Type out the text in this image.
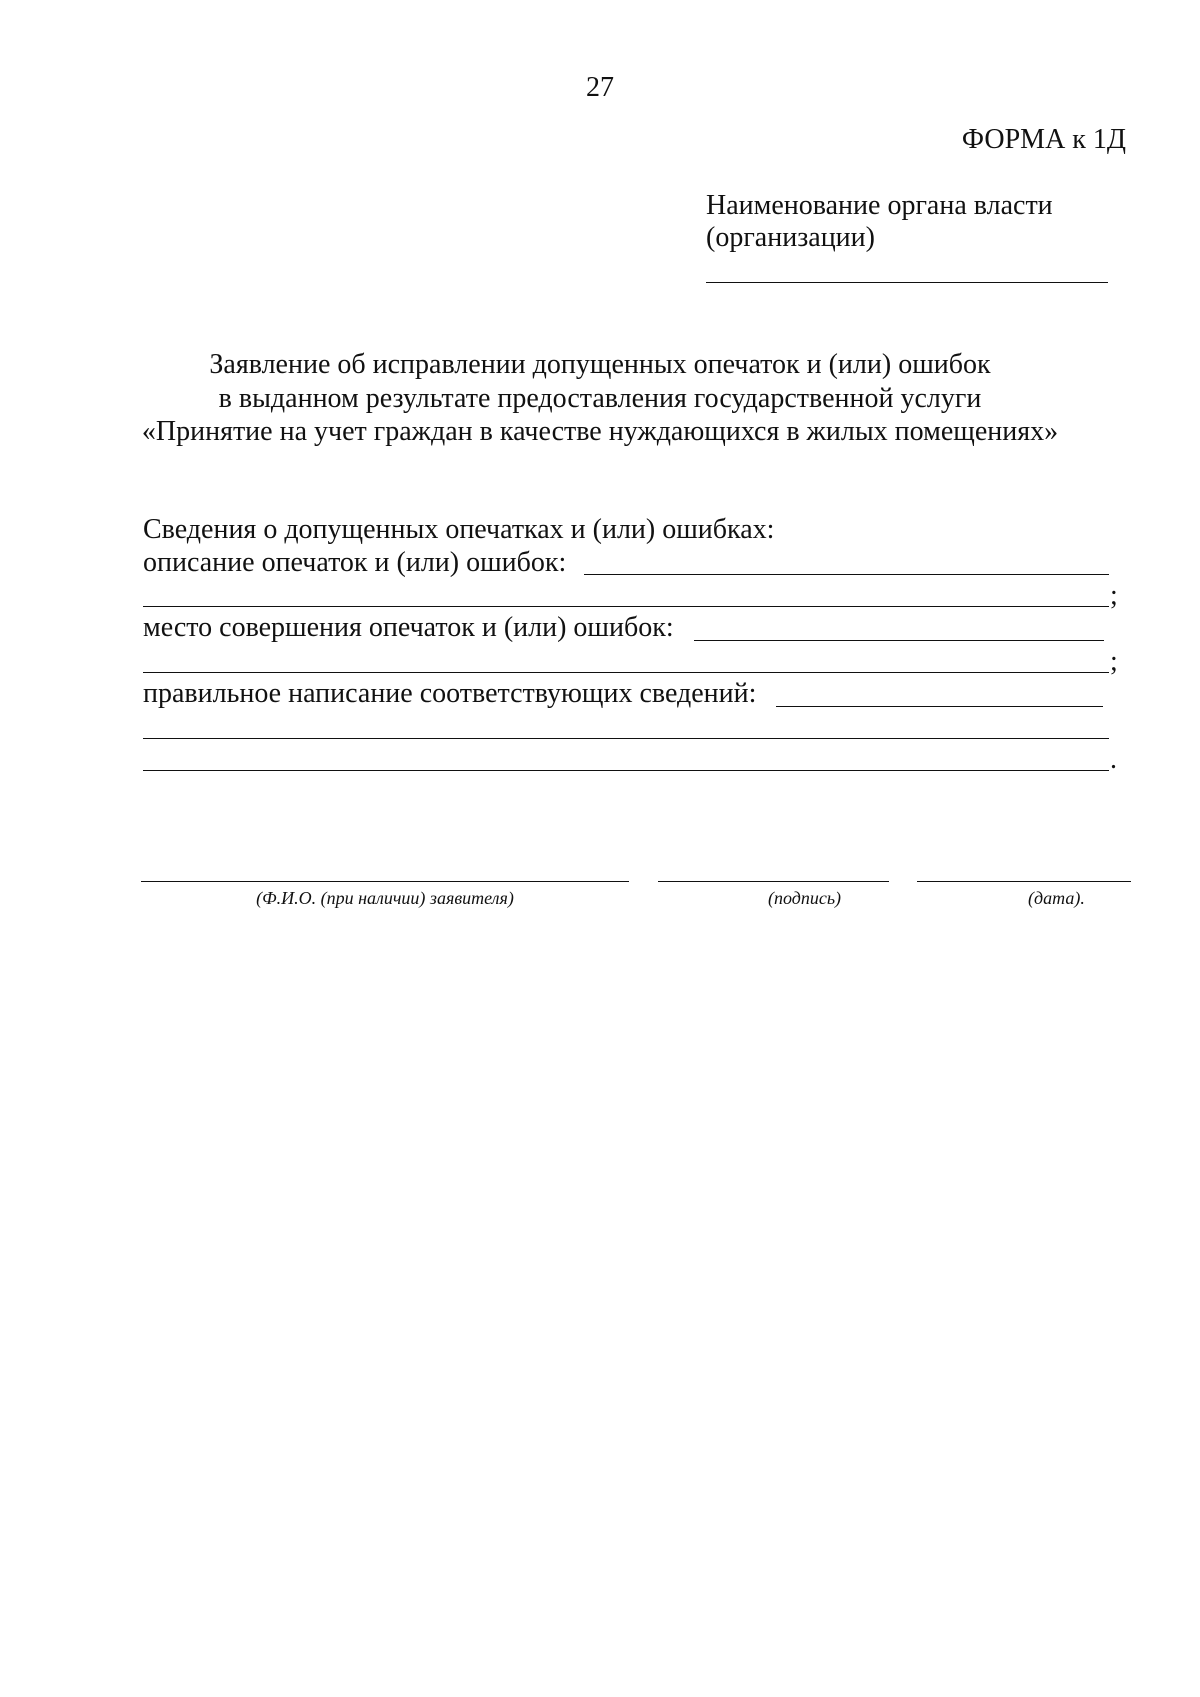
27
ФОРМА к 1Д
Наименование органа власти
(организации)
Заявление об исправлении допущенных опечаток и (или) ошибок
в выданном результате предоставления государственной услуги
«Принятие на учет граждан в качестве нуждающихся в жилых помещениях»
Сведения о допущенных опечатках и (или) ошибках:
описание опечаток и (или) ошибок:
;
место совершения опечаток и (или) ошибок:
;
правильное написание соответствующих сведений:
.
(Ф.И.О. (при наличии) заявителя)	(подпись)	(дата).
